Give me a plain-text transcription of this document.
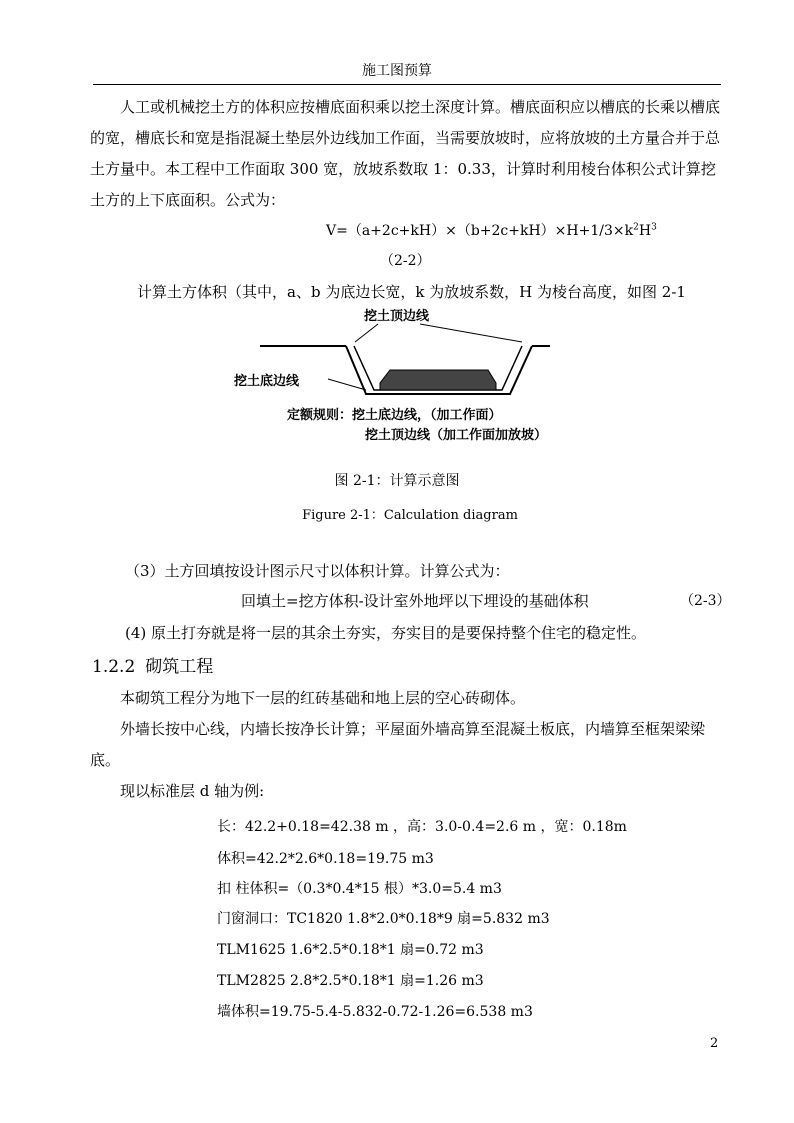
施工图预算
人工或机械挖土方的体积应按槽底面积乘以挖土深度计算。槽底面积应以槽底的长乘以槽底的宽，槽底长和宽是指混凝土垫层外边线加工作面，当需要放坡时，应将放坡的土方量合并于总土方量中。本工程中工作面取 300 宽，放坡系数取 1：0.33，计算时利用棱台体积公式计算挖土方的上下底面积。公式为：
$V=(a+2c+kH)\times(b+2c+kH)\times H+1/3\times k^2H^3$
（2-2）
计算土方体积（其中，a、b 为底边长宽，k 为放坡系数，H 为棱台高度，如图 2-1
挖土顶边线
挖土底边线
定额规则：挖土底边线，（加工作面）
挖土顶边线（加工作面加放坡）
图 2-1：计算示意图
Figure 2-1：Calculation diagram
（3）土方回填按设计图示尺寸以体积计算。计算公式为：
回填土=挖方体积-设计室外地坪以下埋设的基础体积	（2-3）
(4) 原土打夯就是将一层的其余土夯实，夯实目的是要保持整个住宅的稳定性。
1.2.2 砌筑工程
本砌筑工程分为地下一层的红砖基础和地上层的空心砖砌体。
外墙长按中心线，内墙长按净长计算；平屋面外墙高算至混凝土板底，内墙算至框架梁梁底。
现以标准层 d 轴为例:
长：42.2+0.18=42.38 m ，高：3.0-0.4=2.6 m ，宽：0.18m
体积=42.2*2.6*0.18=19.75 m3
扣 柱体积=（0.3*0.4*15 根）*3.0=5.4 m3
门窗洞口：TC1820 1.8*2.0*0.18*9 扇=5.832 m3
TLM1625 1.6*2.5*0.18*1 扇=0.72 m3
TLM2825 2.8*2.5*0.18*1 扇=1.26 m3
墙体积=19.75-5.4-5.832-0.72-1.26=6.538 m3
2
